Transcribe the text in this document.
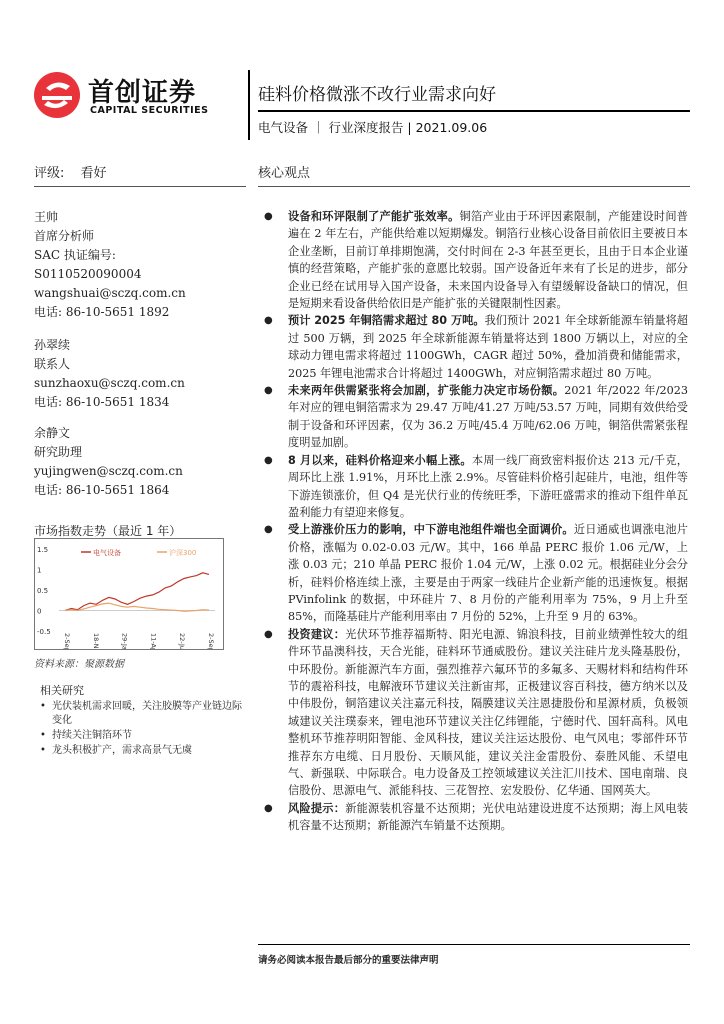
首创证券
CAPITAL SECURITIES
硅料价格微涨不改行业需求向好
电气设备 ｜ 行业深度报告 | 2021.09.06
评级: 看好	核心观点
王帅
首席分析师
SAC 执证编号:
S0110520090004
wangshuai@sczq.com.cn
电话: 86-10-5651 1892
孙翠续
联系人
sunzhaoxu@sczq.com.cn
电话: 86-10-5651 1834
余静文
研究助理
yujingwen@sczq.com.cn
电话: 86-10-5651 1864
市场指数走势（最近 1 年）
1.5
1
0.5
0
-0.5
2-Sep	18-Nov	29-Jan	11-Apr	22-Jun	2-Sep
电气设备	沪深300
资料来源：聚源数据
相关研究
• 光伏装机需求回暖，关注胶膜等产业链边际变化
• 持续关注铜箔环节
• 龙头积极扩产，需求高景气无虞

● 设备和环评限制了产能扩张效率。铜箔产业由于环评因素限制，产能建设时间普遍在 2 年左右，产能供给难以短期爆发。铜箔行业核心设备目前依旧主要被日本企业垄断，目前订单排期饱满，交付时间在 2-3 年甚至更长，且由于日本企业谨慎的经营策略，产能扩张的意愿比较弱。国产设备近年来有了长足的进步，部分企业已经在试用导入国产设备，未来国内设备导入有望缓解设备缺口的情况，但是短期来看设备供给依旧是产能扩张的关键限制性因素。

● 预计 2025 年铜箔需求超过 80 万吨。我们预计 2021 年全球新能源车销量将超过 500 万辆，到 2025 年全球新能源车销量将达到 1800 万辆以上，对应的全球动力锂电需求将超过 1100GWh，CAGR 超过 50%，叠加消费和储能需求，2025 年锂电池需求合计将超过 1400GWh，对应铜箔需求超过 80 万吨。

● 未来两年供需紧张将会加剧，扩张能力决定市场份额。2021 年/2022 年/2023 年对应的锂电铜箔需求为 29.47 万吨/41.27 万吨/53.57 万吨，同期有效供给受制于设备和环评因素，仅为 36.2 万吨/45.4 万吨/62.06 万吨，铜箔供需紧张程度明显加剧。

● 8 月以来，硅料价格迎来小幅上涨。本周一线厂商致密料报价达 213 元/千克，周环比上涨 1.91%，月环比上涨 2.9%。尽管硅料价格引起硅片，电池，组件等下游连锁涨价，但 Q4 是光伏行业的传统旺季，下游旺盛需求的推动下组件单瓦盈利能力有望迎来修复。

● 受上游涨价压力的影响，中下游电池组件端也全面调价。近日通威也调涨电池片价格，涨幅为 0.02-0.03 元/W。其中，166 单晶 PERC 报价 1.06 元/W，上涨 0.03 元；210 单晶 PERC 报价 1.04 元/W，上涨 0.02 元。根据硅业分会分析，硅料价格连续上涨，主要是由于两家一线硅片企业新产能的迅速恢复。根据 PVinfolink 的数据，中环硅片 7、8 月份的产能利用率为 75%，9 月上升至 85%，而隆基硅片产能利用率由 7 月份的 52%，上升至 9 月的 63%。

● 投资建议：光伏环节推荐福斯特、阳光电源、锦浪科技，目前业绩弹性较大的组件环节晶澳科技，天合光能，硅料环节通威股份。建议关注硅片龙头隆基股份，中环股份。新能源汽车方面，强烈推荐六氟环节的多氟多、天赐材料和结构件环节的震裕科技，电解液环节建议关注新宙邦，正极建议容百科技，德方纳米以及中伟股份，铜箔建议关注嘉元科技，隔膜建议关注恩捷股份和星源材质，负极领域建议关注璞泰来，锂电池环节建议关注亿纬锂能，宁德时代、国轩高科。风电整机环节推荐明阳智能、金风科技，建议关注运达股份、电气风电；零部件环节推荐东方电缆、日月股份、天顺风能，建议关注金雷股份、泰胜风能、禾望电气、新强联、中际联合。电力设备及工控领域建议关注汇川技术、国电南瑞、良信股份、思源电气、派能科技、三花智控、宏发股份、亿华通、国网英大。

● 风险提示：新能源装机容量不达预期；光伏电站建设进度不达预期；海上风电装机容量不达预期；新能源汽车销量不达预期。

请务必阅读本报告最后部分的重要法律声明
